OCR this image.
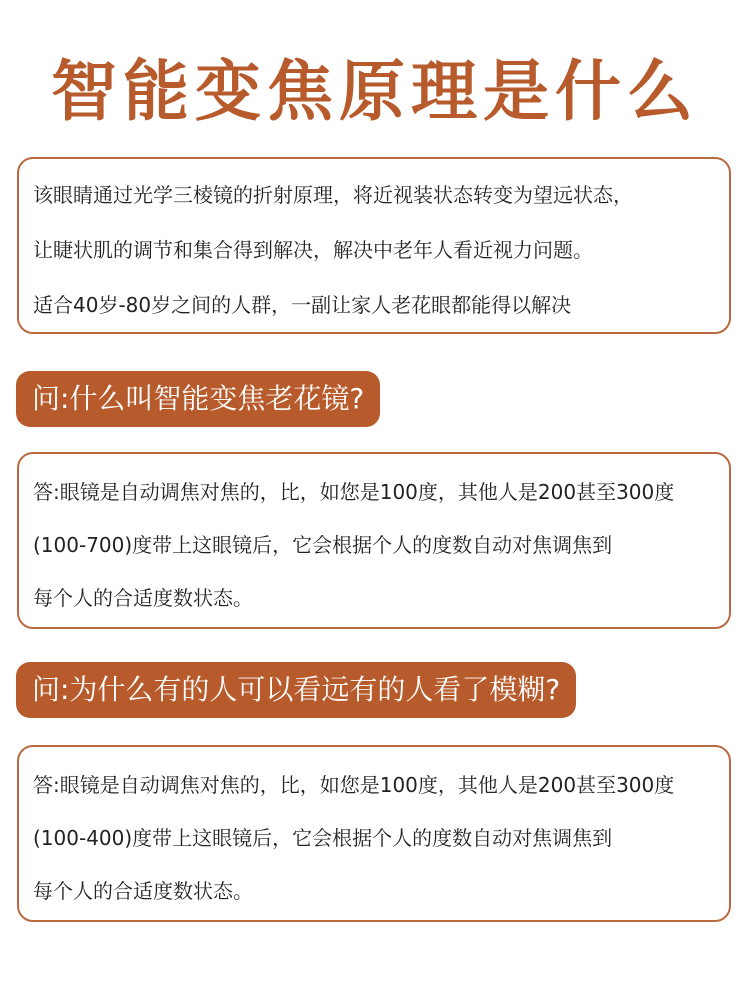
智能变焦原理是什么
该眼睛通过光学三棱镜的折射原理，将近视装状态转变为望远状态，
让睫状肌的调节和集合得到解决，解决中老年人看近视力问题。
适合40岁-80岁之间的人群，一副让家人老花眼都能得以解决
问:什么叫智能变焦老花镜?
答:眼镜是自动调焦对焦的，比，如您是100度，其他人是200甚至300度
(100-700)度带上这眼镜后，它会根据个人的度数自动对焦调焦到
每个人的合适度数状态。
问:为什么有的人可以看远有的人看了模糊?
答:眼镜是自动调焦对焦的，比，如您是100度，其他人是200甚至300度
(100-400)度带上这眼镜后，它会根据个人的度数自动对焦调焦到
每个人的合适度数状态。
